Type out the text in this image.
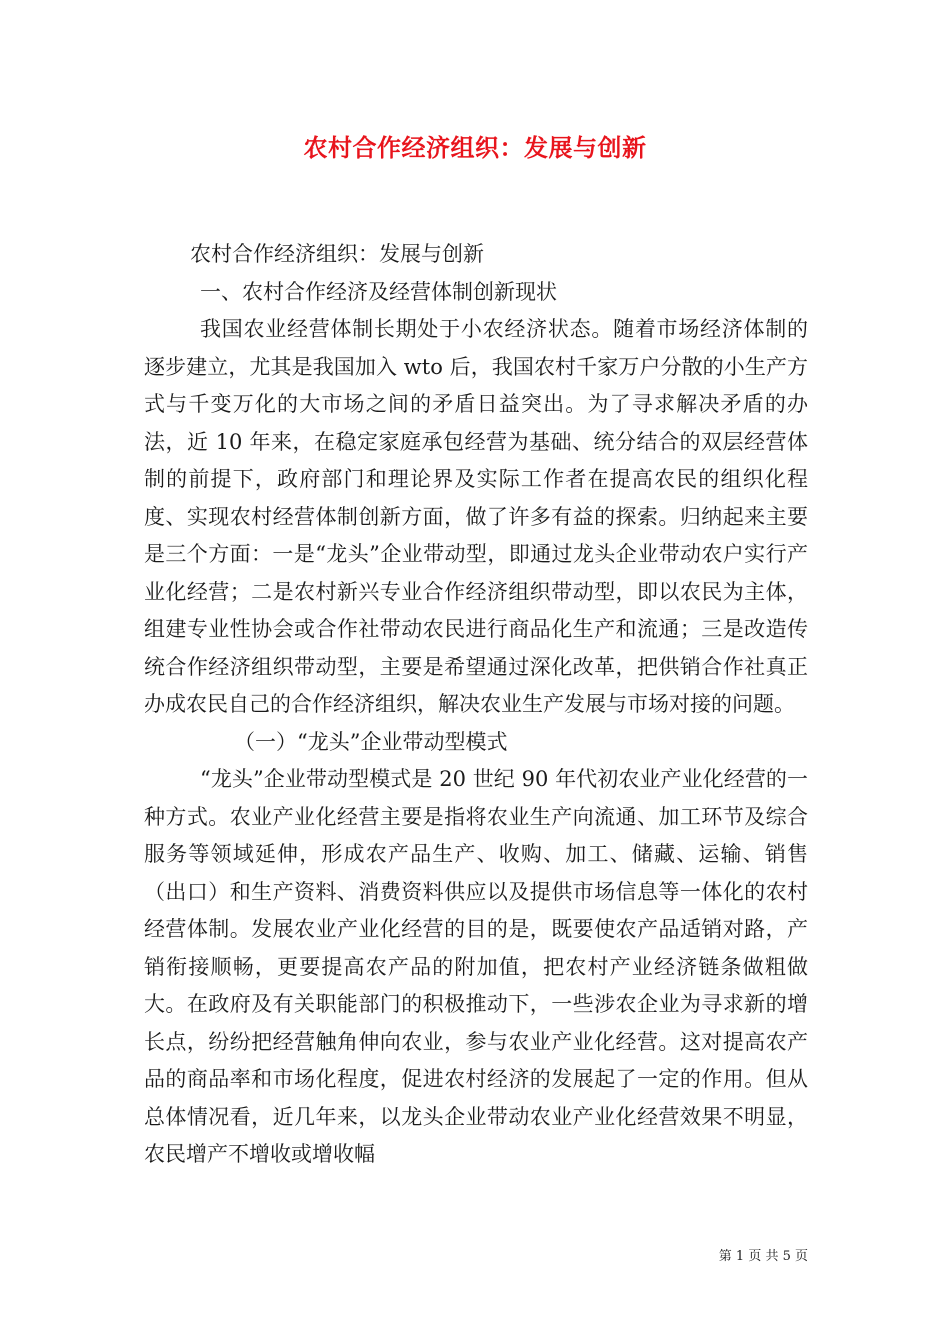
农村合作经济组织：发展与创新

农村合作经济组织：发展与创新

一、农村合作经济及经营体制创新现状

我国农业经营体制长期处于小农经济状态。随着市场经济体制的逐步建立，尤其是我国加入 wto 后，我国农村千家万户分散的小生产方式与千变万化的大市场之间的矛盾日益突出。为了寻求解决矛盾的办法，近 10 年来，在稳定家庭承包经营为基础、统分结合的双层经营体制的前提下，政府部门和理论界及实际工作者在提高农民的组织化程度、实现农村经营体制创新方面，做了许多有益的探索。归纳起来主要是三个方面：一是“龙头”企业带动型，即通过龙头企业带动农户实行产业化经营；二是农村新兴专业合作经济组织带动型，即以农民为主体，组建专业性协会或合作社带动农民进行商品化生产和流通；三是改造传统合作经济组织带动型，主要是希望通过深化改革，把供销合作社真正办成农民自己的合作经济组织，解决农业生产发展与市场对接的问题。

（一）“龙头”企业带动型模式

“龙头”企业带动型模式是 20 世纪 90 年代初农业产业化经营的一种方式。农业产业化经营主要是指将农业生产向流通、加工环节及综合服务等领域延伸，形成农产品生产、收购、加工、储藏、运输、销售（出口）和生产资料、消费资料供应以及提供市场信息等一体化的农村经营体制。发展农业产业化经营的目的是，既要使农产品适销对路，产销衔接顺畅，更要提高农产品的附加值，把农村产业经济链条做粗做大。在政府及有关职能部门的积极推动下，一些涉农企业为寻求新的增长点，纷纷把经营触角伸向农业，参与农业产业化经营。这对提高农产品的商品率和市场化程度，促进农村经济的发展起了一定的作用。但从总体情况看，近几年来，以龙头企业带动农业产业化经营效果不明显，农民增产不增收或增收幅

第 1 页 共 5 页
